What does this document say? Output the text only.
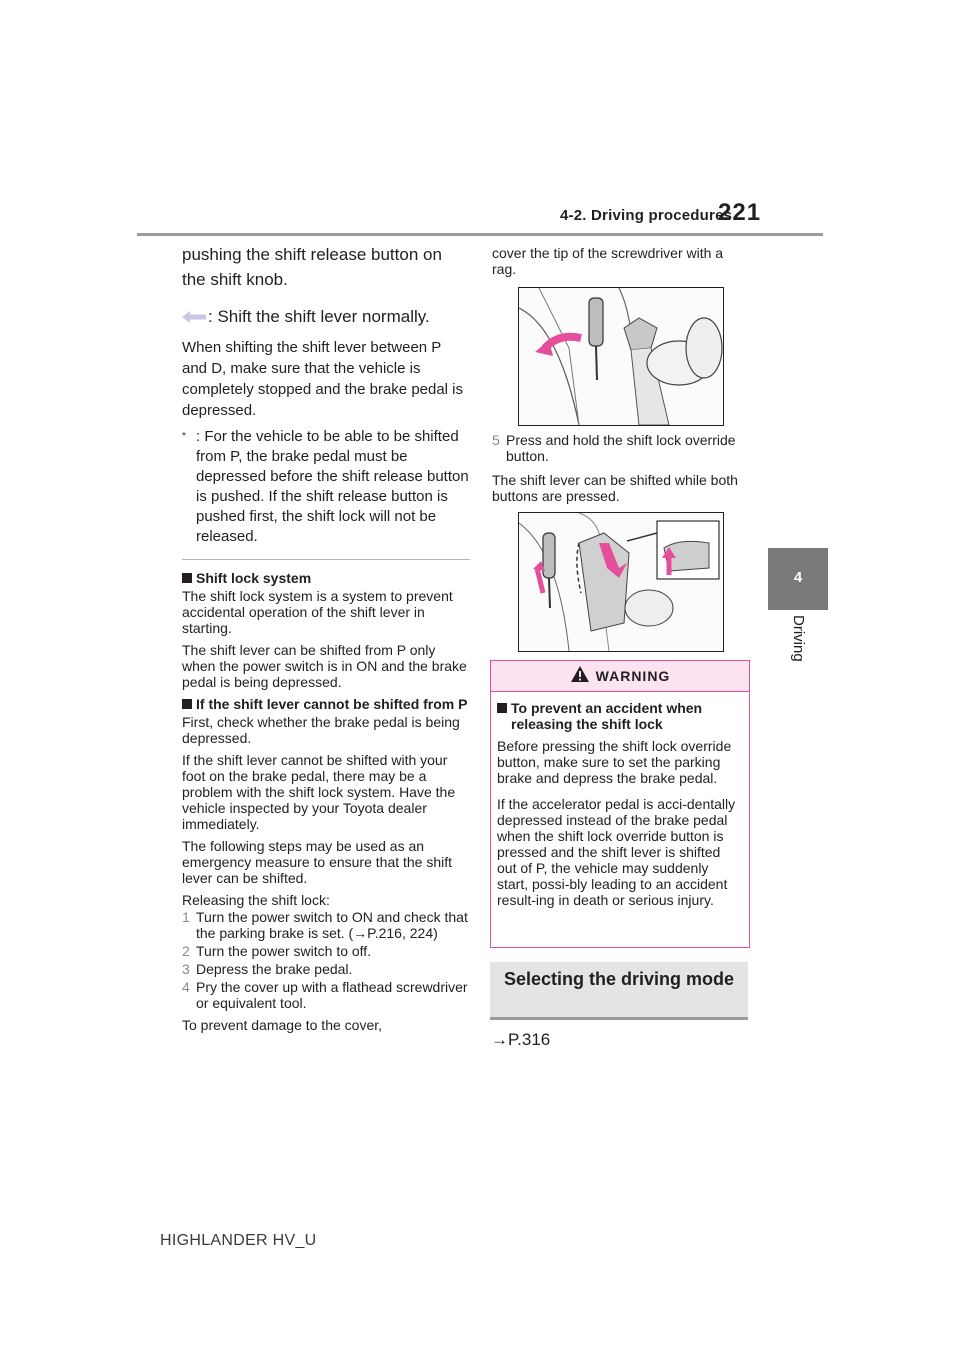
4-2. Driving procedures
221
4
Driving

pushing the shift release button on the shift knob.

: Shift the shift lever normally.

When shifting the shift lever between P and D, make sure that the vehicle is completely stopped and the brake pedal is depressed.

* : For the vehicle to be able to be shifted from P, the brake pedal must be depressed before the shift release button is pushed. If the shift release button is pushed first, the shift lock will not be released.
Shift lock system

The shift lock system is a system to prevent accidental operation of the shift lever in starting.

The shift lever can be shifted from P only when the power switch is in ON and the brake pedal is being depressed.

If the shift lever cannot be shifted from P

First, check whether the brake pedal is being depressed.

If the shift lever cannot be shifted with your foot on the brake pedal, there may be a problem with the shift lock system. Have the vehicle inspected by your Toyota dealer immediately.

The following steps may be used as an emergency measure to ensure that the shift lever can be shifted.

Releasing the shift lock:

1 Turn the power switch to ON and check that the parking brake is set. (→P.216, 224)
2 Turn the power switch to off.
3 Depress the brake pedal.
4 Pry the cover up with a flathead screwdriver or equivalent tool.

To prevent damage to the cover,

cover the tip of the screwdriver with a rag.

5 Press and hold the shift lock override button.

The shift lever can be shifted while both buttons are pressed.

WARNING
To prevent an accident when releasing the shift lock

Before pressing the shift lock override button, make sure to set the parking brake and depress the brake pedal.

If the accelerator pedal is acci-dentally depressed instead of the brake pedal when the shift lock override button is pressed and the shift lever is shifted out of P, the vehicle may suddenly start, possi-bly leading to an accident result-ing in death or serious injury.

Selecting the driving mode
→P.316
HIGHLANDER HV_U
